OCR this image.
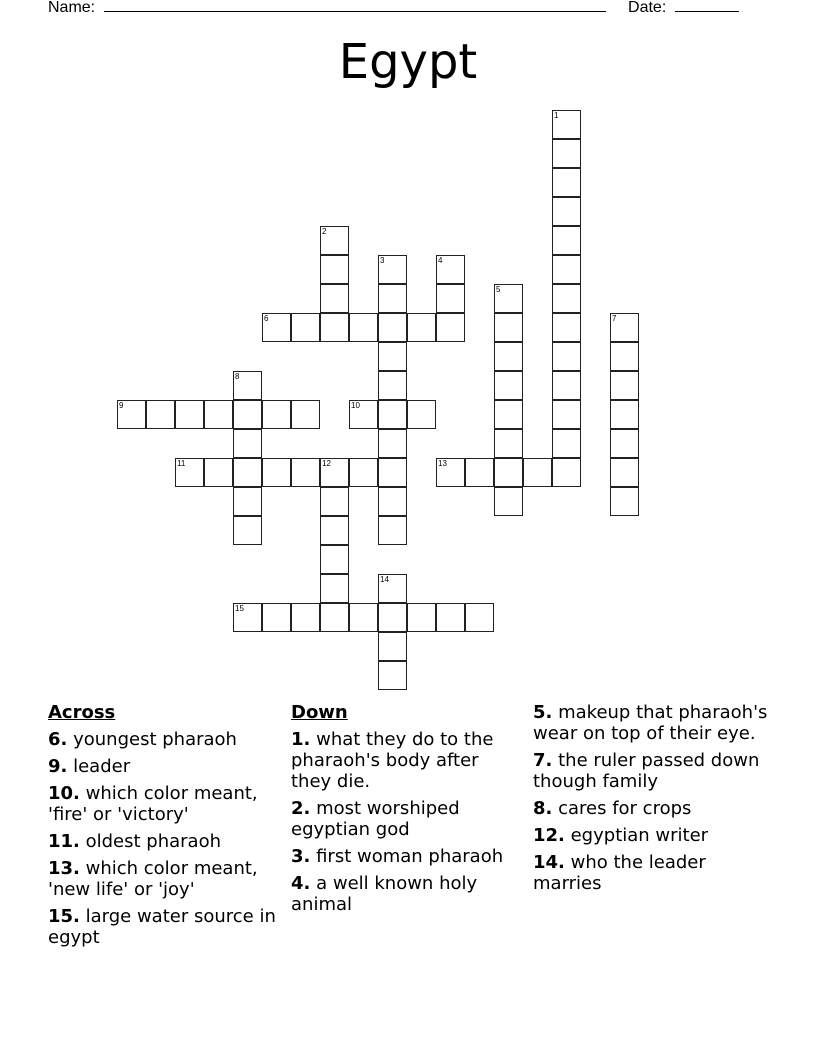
Name:	Date:
Egypt
1
2
3	4
5
6	7
8
9	10
11	12	13
14
15
Across
6. youngest pharaoh
9. leader
10. which color meant, 'fire' or 'victory'
11. oldest pharaoh
13. which color meant, 'new life' or 'joy'
15. large water source in egypt
Down
1. what they do to the pharaoh's body after they die.
2. most worshiped egyptian god
3. first woman pharaoh
4. a well known holy animal
5. makeup that pharaoh's wear on top of their eye.
7. the ruler passed down though family
8. cares for crops
12. egyptian writer
14. who the leader marries
